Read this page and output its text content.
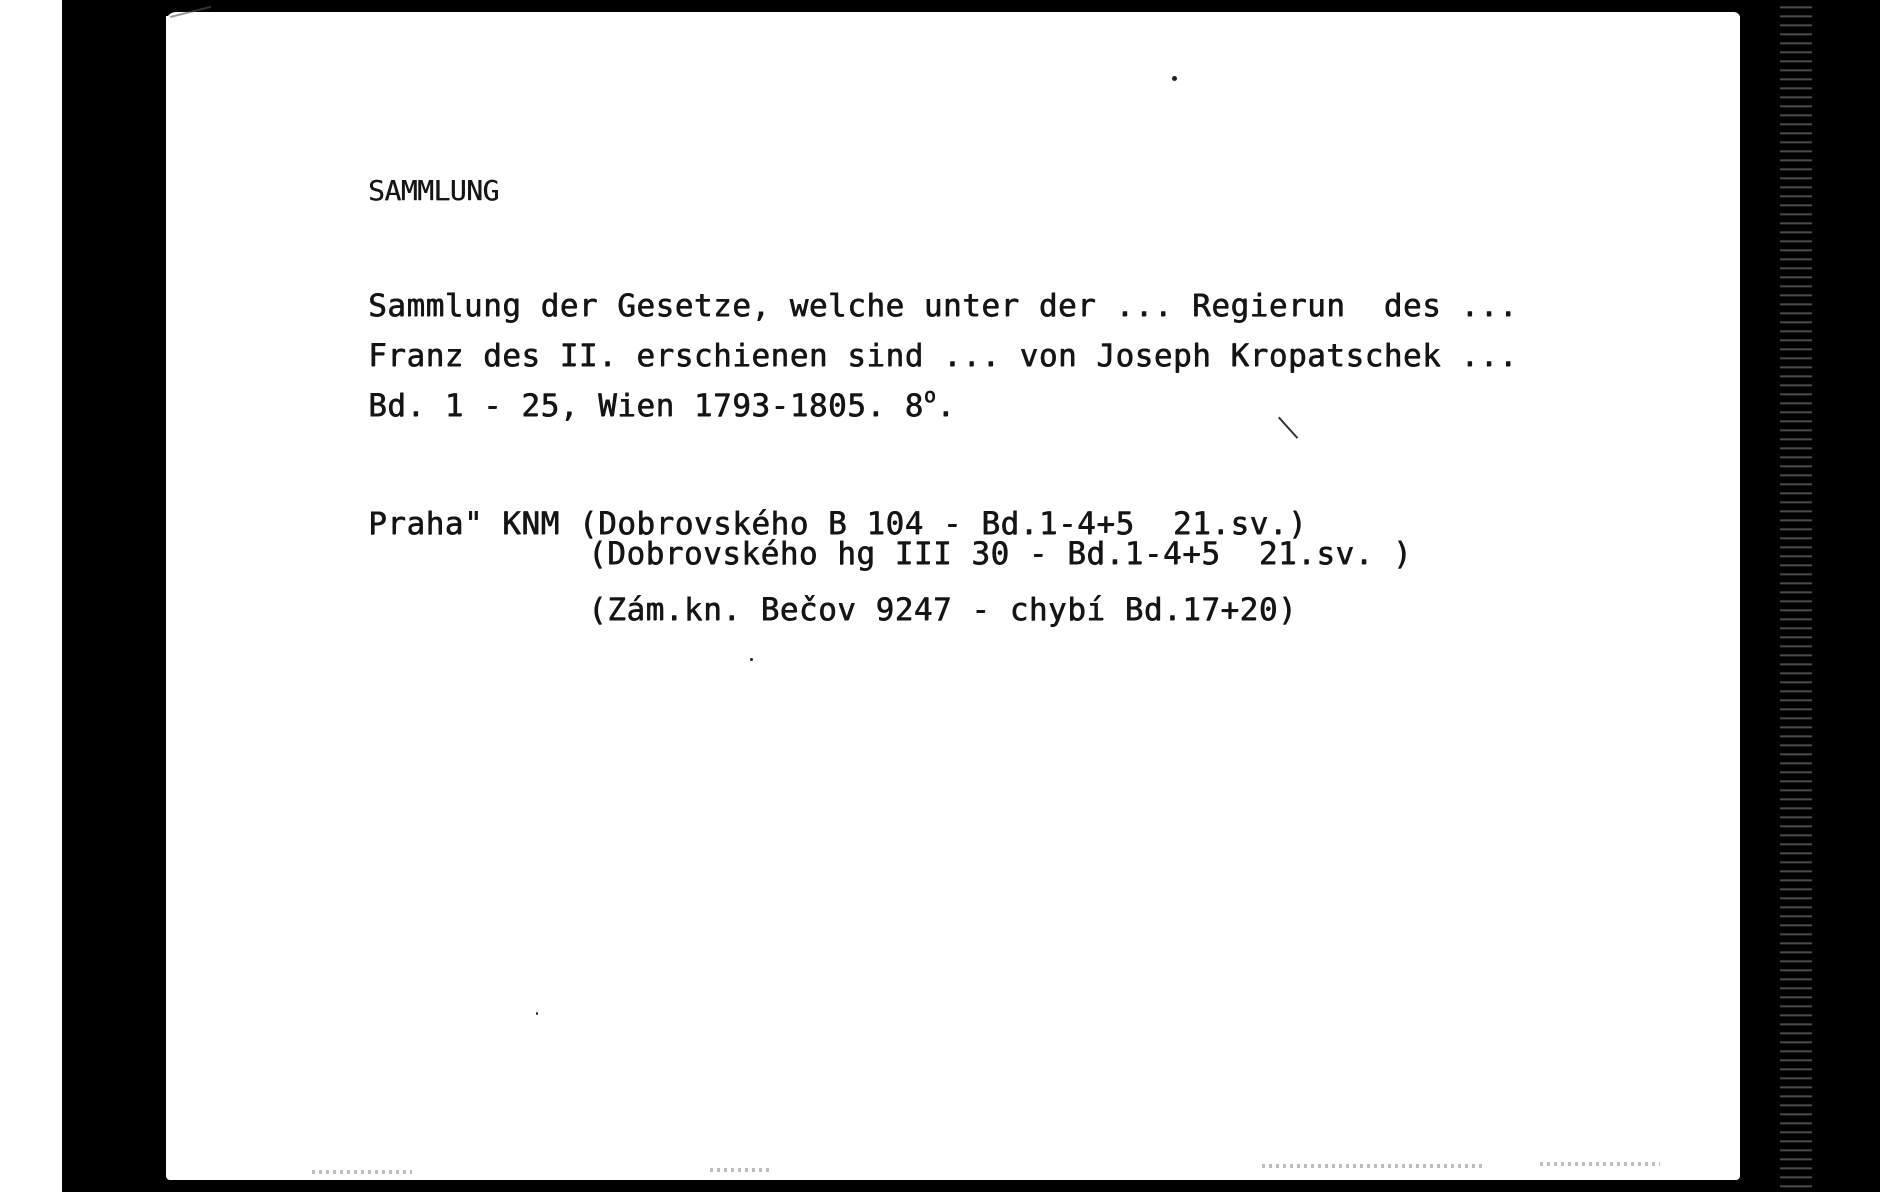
SAMMLUNG

Sammlung der Gesetze, welche unter der ... Regierun  des ...

Franz des II. erschienen sind ... von Joseph Kropatschek ...

Bd. 1 - 25, Wien 1793-1805. 8$^o$.

Praha" KNM (Dobrovského B 104 - Bd.1-4+5  21.sv.)

(Dobrovského hg III 30 - Bd.1-4+5  21.sv. )

(Zám.kn. Bečov 9247 - chybí Bd.17+20)
